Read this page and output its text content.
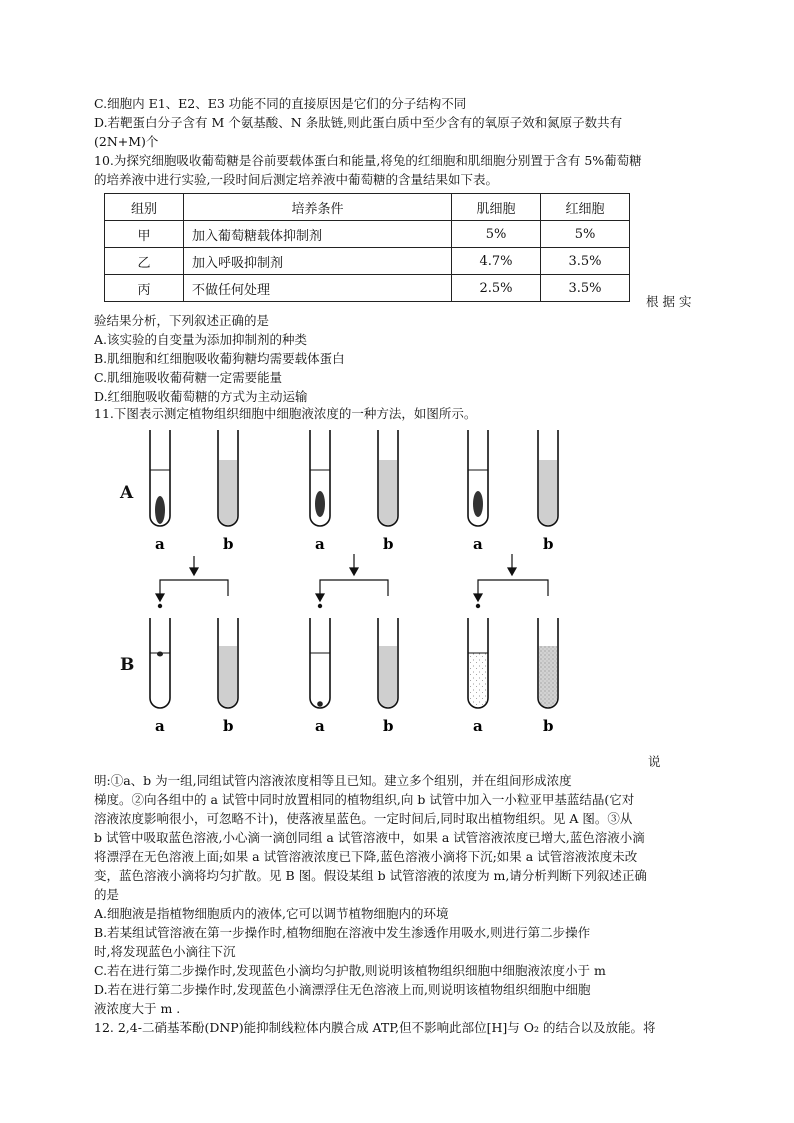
C.细胞内 E1、E2、E3 功能不同的直接原因是它们的分子结构不同
D.若靶蛋白分子含有 M 个氨基酸、N 条肽链,则此蛋白质中至少含有的氧原子效和氮原子数共有
(2N+M)个
10.为探究细胞吸收葡萄糖是谷前要载体蛋白和能量,将兔的红细胞和肌细胞分别置于含有 5%葡萄糖
的培养液中进行实验,一段时间后测定培养液中葡萄糖的含量结果如下表。
组别	培养条件	肌细胞	红细胞
甲	加入葡萄糖载体抑制剂	5%	5%
乙	加入呼吸抑制剂	4.7%	3.5%
丙	不做任何处理	2.5%	3.5%
根 据 实
验结果分析，下列叙述正确的是
A.该实验的自变量为添加抑制剂的种类
B.肌细胞和红细胞吸收葡狗糖均需要载体蛋白
C.肌细施吸收葡荷糖一定需要能量
D.红细胞吸收葡萄糖的方式为主动运输
11.下图表示测定植物组织细胞中细胞液浓度的一种方法，如图所示。
A
B
a	b	a	b	a	b
a	b	a	b	a	b
说
明:①a、b 为一组,同组试管内溶液浓度相等且已知。建立多个组别，并在组间形成浓度
梯度。②向各组中的 a 试管中同时放置相同的植物组织,向 b 试管中加入一小粒亚甲基蓝结晶(它对
溶液浓度影响很小，可忽略不计)，使落液星蓝色。一定时间后,同时取出植物组织。见 A 图。③从
b 试管中吸取蓝色溶液,小心滴一滴创同组 a 试管溶液中，如果 a 试管溶液浓度已增大,蓝色溶液小滴
将漂浮在无色溶液上面;如果 a 试管溶液浓度已下降,蓝色溶液小滴将下沉;如果 a 试管溶液浓度未改
变，蓝色溶液小滴将均匀扩散。见 B 图。假设某组 b 试管溶液的浓度为 m,请分析判断下列叙述正确
的是
A.细胞液是指植物细胞质内的液体,它可以调节植物细胞内的环境
B.若某组试管溶液在第一步操作时,植物细胞在溶液中发生渗透作用吸水,则进行第二步操作
时,将发现蓝色小滴往下沉
C.若在进行第二步操作时,发现蓝色小滴均匀护散,则说明该植物组织细胞中细胞液浓度小于 m
D.若在进行第二步操作时,发现蓝色小滴漂浮住无色溶液上而,则说明该植物组织细胞中细胞
液浓度大于 m .
12. 2,4-二硝基苯酚(DNP)能抑制线粒体内膜合成 ATP,但不影响此部位[H]与 O₂ 的结合以及放能。将
